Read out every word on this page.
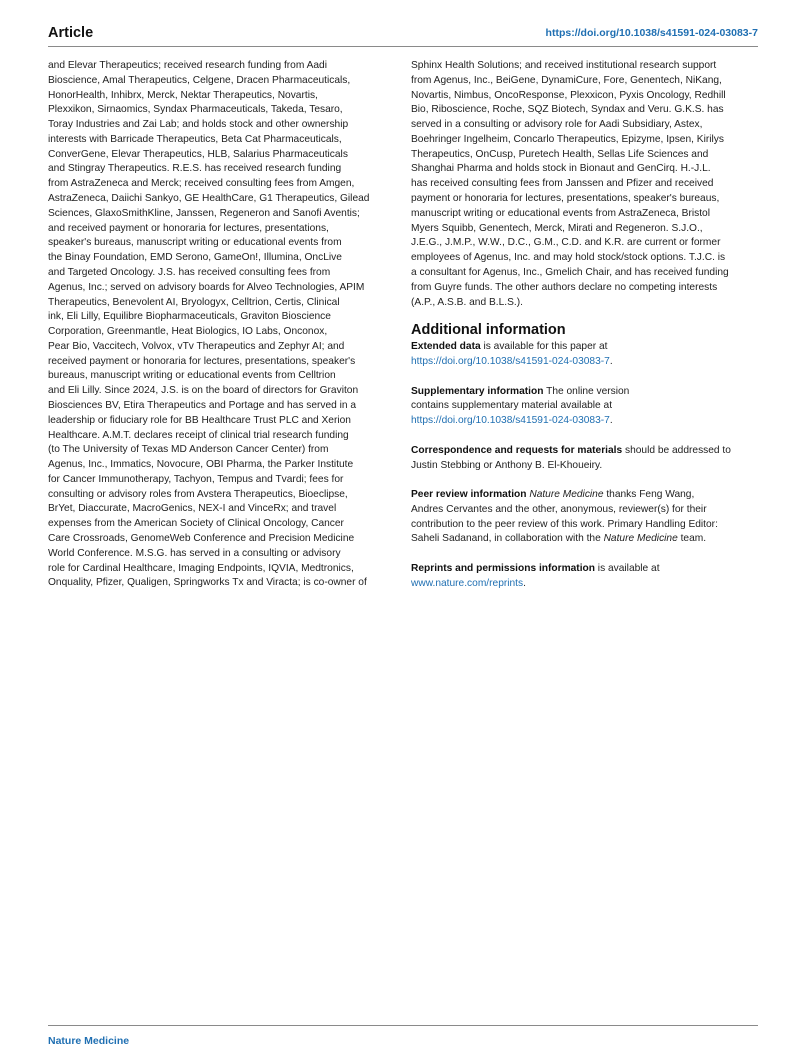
Article	https://doi.org/10.1038/s41591-024-03083-7
and Elevar Therapeutics; received research funding from Aadi
Bioscience, Amal Therapeutics, Celgene, Dracen Pharmaceuticals,
HonorHealth, Inhibrx, Merck, Nektar Therapeutics, Novartis,
Plexxikon, Sirnaomics, Syndax Pharmaceuticals, Takeda, Tesaro,
Toray Industries and Zai Lab; and holds stock and other ownership
interests with Barricade Therapeutics, Beta Cat Pharmaceuticals,
ConverGene, Elevar Therapeutics, HLB, Salarius Pharmaceuticals
and Stingray Therapeutics. R.E.S. has received research funding
from AstraZeneca and Merck; received consulting fees from Amgen,
AstraZeneca, Daiichi Sankyo, GE HealthCare, G1 Therapeutics, Gilead
Sciences, GlaxoSmithKline, Janssen, Regeneron and Sanofi Aventis;
and received payment or honoraria for lectures, presentations,
speaker's bureaus, manuscript writing or educational events from
the Binay Foundation, EMD Serono, GameOn!, Illumina, OncLive
and Targeted Oncology. J.S. has received consulting fees from
Agenus, Inc.; served on advisory boards for Alveo Technologies, APIM
Therapeutics, Benevolent AI, Bryologyx, Celltrion, Certis, Clinical
ink, Eli Lilly, Equilibre Biopharmaceuticals, Graviton Bioscience
Corporation, Greenmantle, Heat Biologics, IO Labs, Onconox,
Pear Bio, Vaccitech, Volvox, vTv Therapeutics and Zephyr AI; and
received payment or honoraria for lectures, presentations, speaker's
bureaus, manuscript writing or educational events from Celltrion
and Eli Lilly. Since 2024, J.S. is on the board of directors for Graviton
Biosciences BV, Etira Therapeutics and Portage and has served in a
leadership or fiduciary role for BB Healthcare Trust PLC and Xerion
Healthcare. A.M.T. declares receipt of clinical trial research funding
(to The University of Texas MD Anderson Cancer Center) from
Agenus, Inc., Immatics, Novocure, OBI Pharma, the Parker Institute
for Cancer Immunotherapy, Tachyon, Tempus and Tvardi; fees for
consulting or advisory roles from Avstera Therapeutics, Bioeclipse,
BrYet, Diaccurate, MacroGenics, NEX-I and VinceRx; and travel
expenses from the American Society of Clinical Oncology, Cancer
Care Crossroads, GenomeWeb Conference and Precision Medicine
World Conference. M.S.G. has served in a consulting or advisory
role for Cardinal Healthcare, Imaging Endpoints, IQVIA, Medtronics,
Onquality, Pfizer, Qualigen, Springworks Tx and Viracta; is co-owner of
Sphinx Health Solutions; and received institutional research support
from Agenus, Inc., BeiGene, DynamiCure, Fore, Genentech, NiKang,
Novartis, Nimbus, OncoResponse, Plexxicon, Pyxis Oncology, Redhill
Bio, Riboscience, Roche, SQZ Biotech, Syndax and Veru. G.K.S. has
served in a consulting or advisory role for Aadi Subsidiary, Astex,
Boehringer Ingelheim, Concarlo Therapeutics, Epizyme, Ipsen, Kirilys
Therapeutics, OnCusp, Puretech Health, Sellas Life Sciences and
Shanghai Pharma and holds stock in Bionaut and GenCirq. H.-J.L.
has received consulting fees from Janssen and Pfizer and received
payment or honoraria for lectures, presentations, speaker's bureaus,
manuscript writing or educational events from AstraZeneca, Bristol
Myers Squibb, Genentech, Merck, Mirati and Regeneron. S.J.O.,
J.E.G., J.M.P., W.W., D.C., G.M., C.D. and K.R. are current or former
employees of Agenus, Inc. and may hold stock/stock options. T.J.C. is
a consultant for Agenus, Inc., Gmelich Chair, and has received funding
from Guyre funds. The other authors declare no competing interests
(A.P., A.S.B. and B.L.S.).
Additional information
Extended data is available for this paper at
https://doi.org/10.1038/s41591-024-03083-7.
Supplementary information The online version
contains supplementary material available at
https://doi.org/10.1038/s41591-024-03083-7.
Correspondence and requests for materials should be addressed to
Justin Stebbing or Anthony B. El-Khoueiry.
Peer review information Nature Medicine thanks Feng Wang,
Andres Cervantes and the other, anonymous, reviewer(s) for their
contribution to the peer review of this work. Primary Handling Editor:
Saheli Sadanand, in collaboration with the Nature Medicine team.
Reprints and permissions information is available at
www.nature.com/reprints.
Nature Medicine
